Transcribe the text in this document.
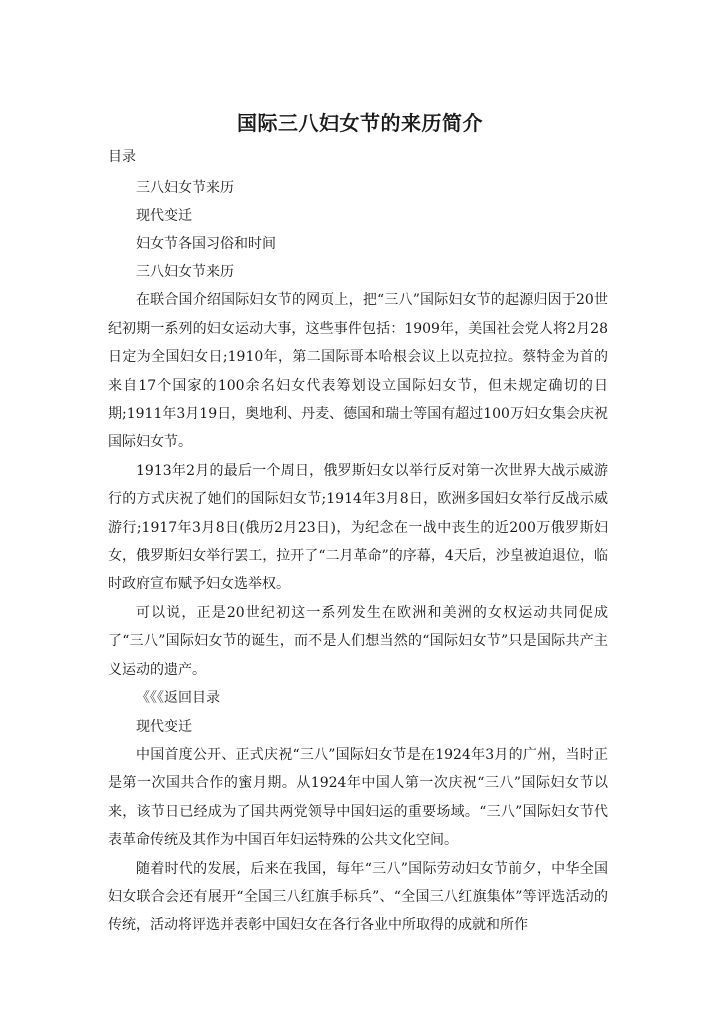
国际三八妇女节的来历简介
目录
三八妇女节来历
现代变迁
妇女节各国习俗和时间

三八妇女节来历

在联合国介绍国际妇女节的网页上，把“三八”国际妇女节的起源归因于20世纪初期一系列的妇女运动大事，这些事件包括：1909年，美国社会党人将2月28日定为全国妇女日;1910年，第二国际哥本哈根会议上以克拉拉。蔡特金为首的来自17个国家的100余名妇女代表筹划设立国际妇女节，但未规定确切的日期;1911年3月19日，奥地利、丹麦、德国和瑞士等国有超过100万妇女集会庆祝国际妇女节。

1913年2月的最后一个周日，俄罗斯妇女以举行反对第一次世界大战示威游行的方式庆祝了她们的国际妇女节;1914年3月8日，欧洲多国妇女举行反战示威游行;1917年3月8日(俄历2月23日)，为纪念在一战中丧生的近200万俄罗斯妇女，俄罗斯妇女举行罢工，拉开了“二月革命”的序幕，4天后，沙皇被迫退位，临时政府宣布赋予妇女选举权。

可以说，正是20世纪初这一系列发生在欧洲和美洲的女权运动共同促成了“三八”国际妇女节的诞生，而不是人们想当然的“国际妇女节”只是国际共产主义运动的遗产。

《《《返回目录

现代变迁

中国首度公开、正式庆祝“三八”国际妇女节是在1924年3月的广州，当时正是第一次国共合作的蜜月期。从1924年中国人第一次庆祝“三八”国际妇女节以来，该节日已经成为了国共两党领导中国妇运的重要场域。“三八”国际妇女节代表革命传统及其作为中国百年妇运特殊的公共文化空间。

随着时代的发展，后来在我国，每年“三八”国际劳动妇女节前夕，中华全国妇女联合会还有展开“全国三八红旗手标兵”、“全国三八红旗集体”等评选活动的传统，活动将评选并表彰中国妇女在各行各业中所取得的成就和所作
